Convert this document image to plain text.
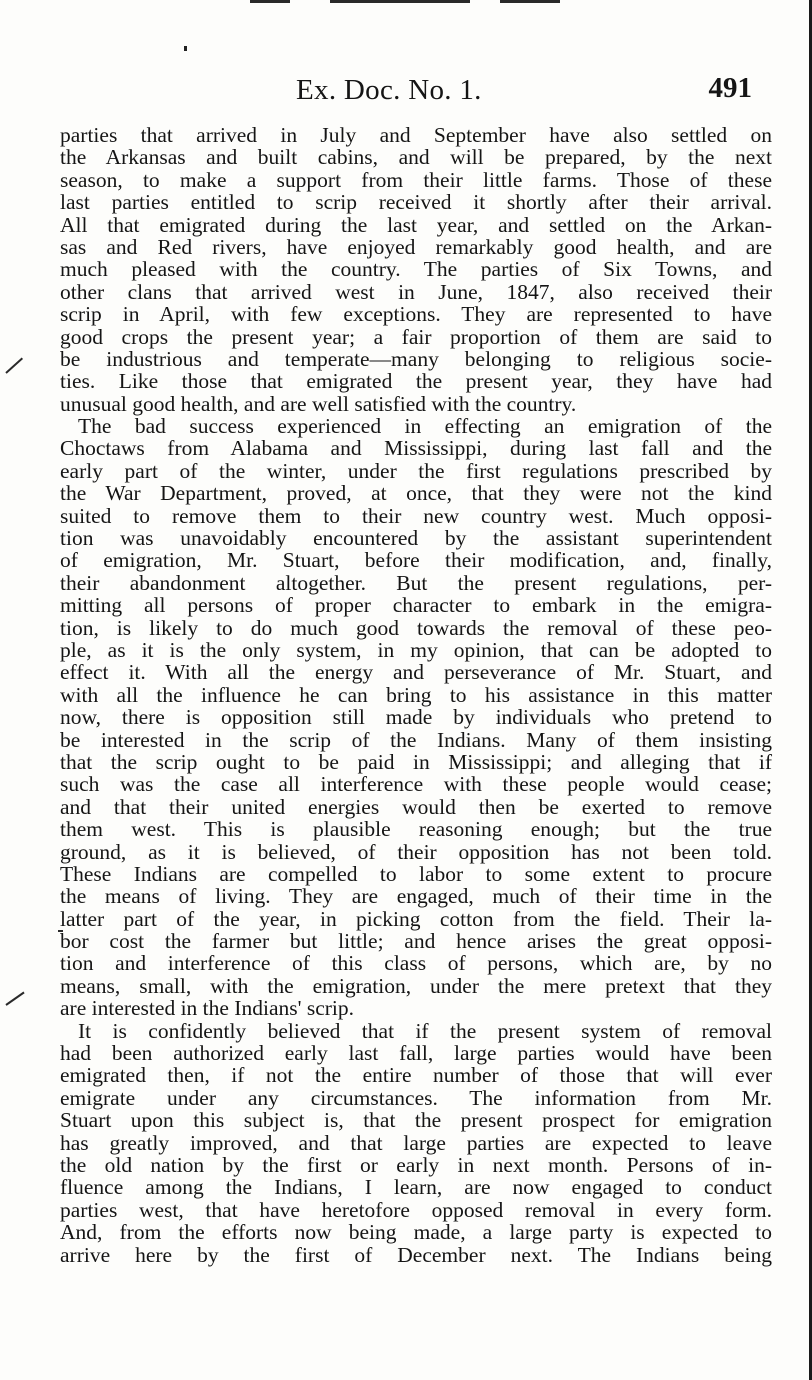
Ex. Doc. No. 1.	491
parties that arrived in July and September have also settled on
the Arkansas and built cabins, and will be prepared, by the next
season, to make a support from their little farms. Those of these
last parties entitled to scrip received it shortly after their arrival.
All that emigrated during the last year, and settled on the Arkan-
sas and Red rivers, have enjoyed remarkably good health, and are
much pleased with the country. The parties of Six Towns, and
other clans that arrived west in June, 1847, also received their
scrip in April, with few exceptions. They are represented to have
good crops the present year; a fair proportion of them are said to
be industrious and temperate—many belonging to religious socie-
ties. Like those that emigrated the present year, they have had
unusual good health, and are well satisfied with the country.
The bad success experienced in effecting an emigration of the
Choctaws from Alabama and Mississippi, during last fall and the
early part of the winter, under the first regulations prescribed by
the War Department, proved, at once, that they were not the kind
suited to remove them to their new country west. Much opposi-
tion was unavoidably encountered by the assistant superintendent
of emigration, Mr. Stuart, before their modification, and, finally,
their abandonment altogether. But the present regulations, per-
mitting all persons of proper character to embark in the emigra-
tion, is likely to do much good towards the removal of these peo-
ple, as it is the only system, in my opinion, that can be adopted to
effect it. With all the energy and perseverance of Mr. Stuart, and
with all the influence he can bring to his assistance in this matter
now, there is opposition still made by individuals who pretend to
be interested in the scrip of the Indians. Many of them insisting
that the scrip ought to be paid in Mississippi; and alleging that if
such was the case all interference with these people would cease;
and that their united energies would then be exerted to remove
them west. This is plausible reasoning enough; but the true
ground, as it is believed, of their opposition has not been told.
These Indians are compelled to labor to some extent to procure
the means of living. They are engaged, much of their time in the
latter part of the year, in picking cotton from the field. Their la-
bor cost the farmer but little; and hence arises the great opposi-
tion and interference of this class of persons, which are, by no
means, small, with the emigration, under the mere pretext that they
are interested in the Indians' scrip.
It is confidently believed that if the present system of removal
had been authorized early last fall, large parties would have been
emigrated then, if not the entire number of those that will ever
emigrate under any circumstances. The information from Mr.
Stuart upon this subject is, that the present prospect for emigration
has greatly improved, and that large parties are expected to leave
the old nation by the first or early in next month. Persons of in-
fluence among the Indians, I learn, are now engaged to conduct
parties west, that have heretofore opposed removal in every form.
And, from the efforts now being made, a large party is expected to
arrive here by the first of December next. The Indians being
